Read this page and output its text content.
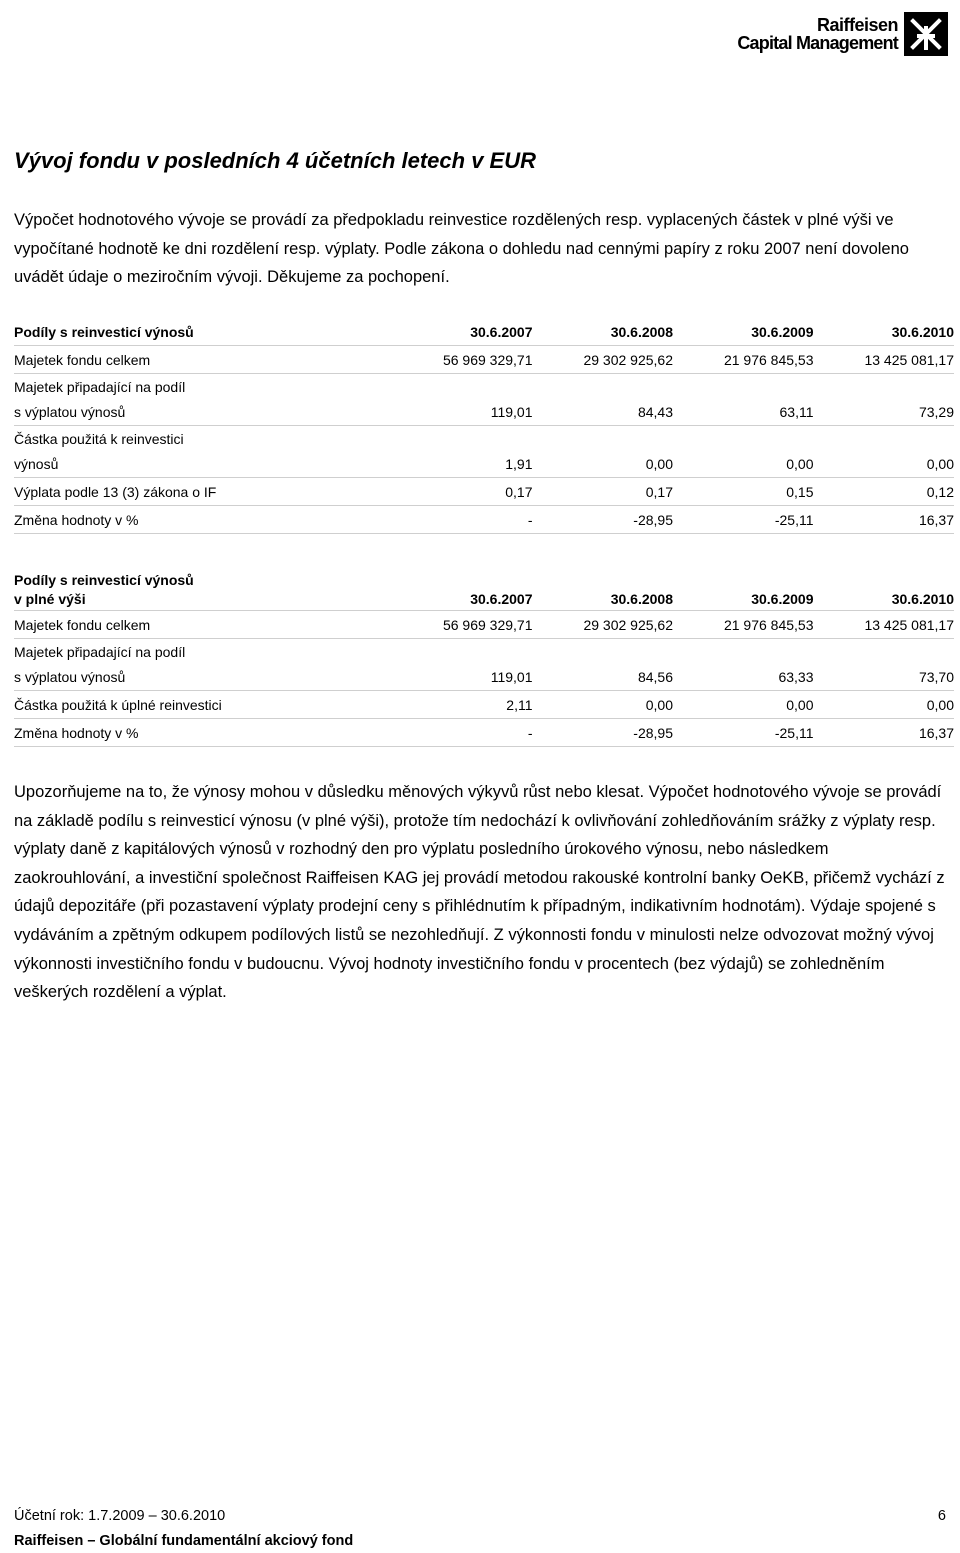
Raiffeisen
Capital Management
Vývoj fondu v posledních 4 účetních letech v EUR

Výpočet hodnotového vývoje se provádí za předpokladu reinvestice rozdělených resp. vyplacených částek v plné výši ve vypočítané hodnotě ke dni rozdělení resp. výplaty. Podle zákona o dohledu nad cennými papíry z roku 2007 není dovoleno uvádět údaje o meziročním vývoji. Děkujeme za pochopení.

Podíly s reinvesticí výnosů	30.6.2007	30.6.2008	30.6.2009	30.6.2010
Majetek fondu celkem	56 969 329,71	29 302 925,62	21 976 845,53	13 425 081,17
Majetek připadající na podíl				
s výplatou výnosů	119,01	84,43	63,11	73,29
Částka použitá k reinvestici				
výnosů	1,91	0,00	0,00	0,00
Výplata podle 13 (3) zákona o IF	0,17	0,17	0,15	0,12
Změna hodnoty v %	-	-28,95	-25,11	16,37
Podíly s reinvesticí výnosů				
v plné výši	30.6.2007	30.6.2008	30.6.2009	30.6.2010
Majetek fondu celkem	56 969 329,71	29 302 925,62	21 976 845,53	13 425 081,17
Majetek připadající na podíl				
s výplatou výnosů	119,01	84,56	63,33	73,70
Částka použitá k úplné reinvestici	2,11	0,00	0,00	0,00
Změna hodnoty v %	-	-28,95	-25,11	16,37

Upozorňujeme na to, že výnosy mohou v důsledku měnových výkyvů růst nebo klesat. Výpočet hodnotového vývoje se provádí na základě podílu s reinvesticí výnosu (v plné výši), protože tím nedochází k ovlivňování zohledňováním srážky z výplaty resp. výplaty daně z kapitálových výnosů v rozhodný den pro výplatu posledního úrokového výnosu, nebo následkem zaokrouhlování, a investiční společnost Raiffeisen KAG jej provádí metodou rakouské kontrolní banky OeKB, přičemž vychází z údajů depozitáře (při pozastavení výplaty prodejní ceny s přihlédnutím k případným, indikativním hodnotám). Výdaje spojené s vydáváním a zpětným odkupem podílových listů se nezohledňují. Z výkonnosti fondu v minulosti nelze odvozovat možný vývoj výkonnosti investičního fondu v budoucnu. Vývoj hodnoty investičního fondu v procentech (bez výdajů) se zohledněním veškerých rozdělení a výplat.

Účetní rok: 1.7.2009 – 30.6.2010	6
Raiffeisen – Globální fundamentální akciový fond
